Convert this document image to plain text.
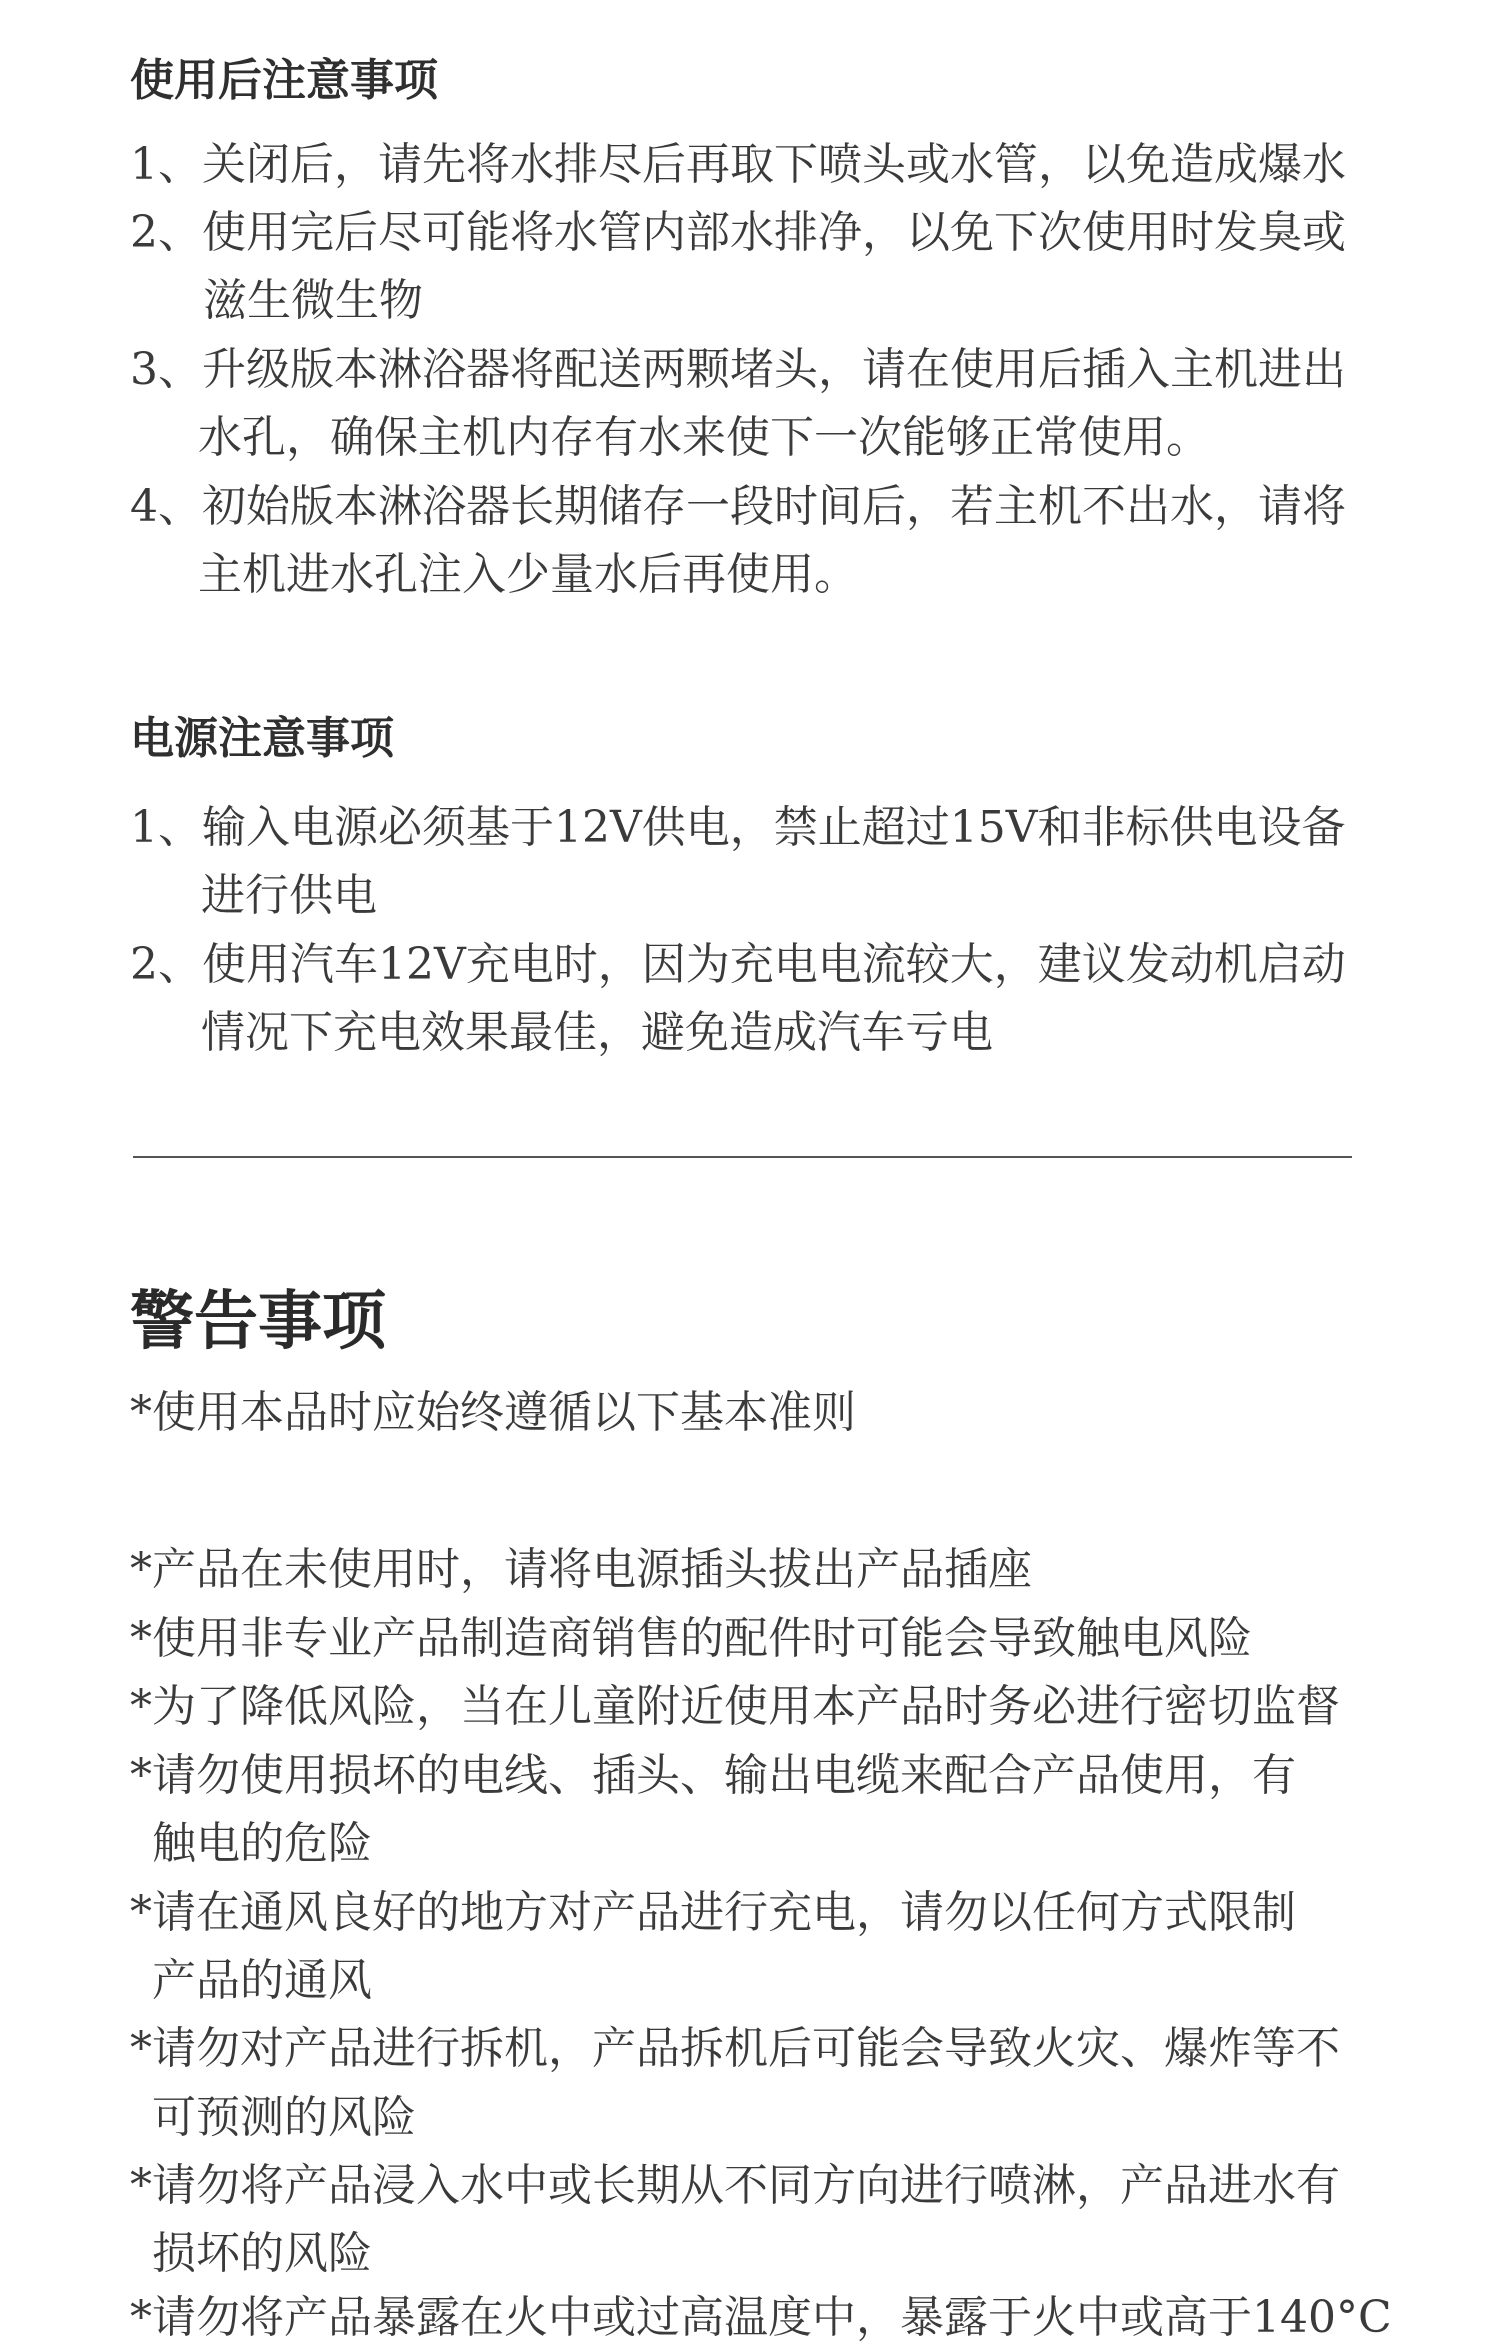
使用后注意事项
1、关闭后，请先将水排尽后再取下喷头或水管，以免造成爆水
2、使用完后尽可能将水管内部水排净，以免下次使用时发臭或
滋生微生物
3、升级版本淋浴器将配送两颗堵头，请在使用后插入主机进出
水孔，确保主机内存有水来使下一次能够正常使用。
4、初始版本淋浴器长期储存一段时间后，若主机不出水，请将
主机进水孔注入少量水后再使用。
电源注意事项
1、输入电源必须基于12V供电，禁止超过15V和非标供电设备
进行供电
2、使用汽车12V充电时，因为充电电流较大，建议发动机启动
情况下充电效果最佳，避免造成汽车亏电
警告事项
*使用本品时应始终遵循以下基本准则
*产品在未使用时，请将电源插头拔出产品插座
*使用非专业产品制造商销售的配件时可能会导致触电风险
*为了降低风险，当在儿童附近使用本产品时务必进行密切监督
*请勿使用损坏的电线、插头、输出电缆来配合产品使用，有
触电的危险
*请在通风良好的地方对产品进行充电，请勿以任何方式限制
产品的通风
*请勿对产品进行拆机，产品拆机后可能会导致火灾、爆炸等不
可预测的风险
*请勿将产品浸入水中或长期从不同方向进行喷淋，产品进水有
损坏的风险
*请勿将产品暴露在火中或过高温度中，暴露于火中或高于140°C
